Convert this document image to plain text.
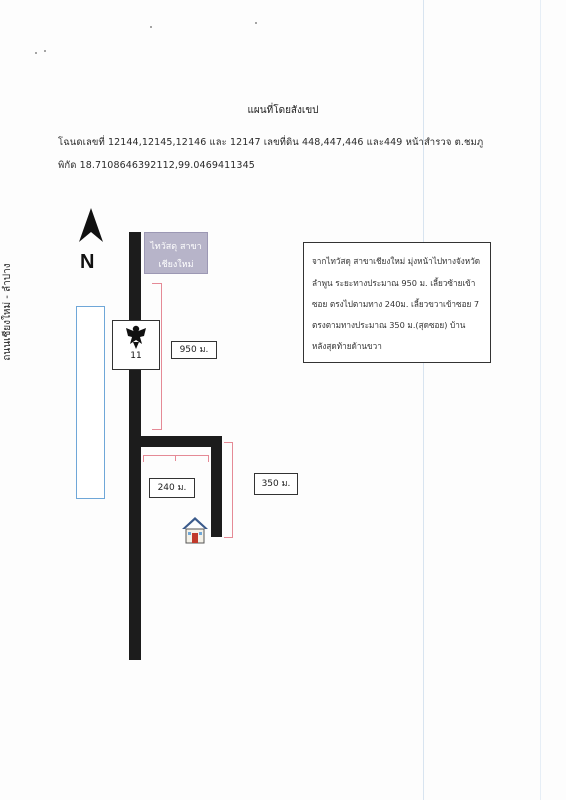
แผนที่โดยสังเขป
โฉนดเลขที่ 12144,12145,12146 และ 12147 เลขที่ดิน 448,447,446 และ449 หน้าสำรวจ ต.ชมภู
พิกัด 18.7108646392112,99.0469411345
N
ไทวัสดุ สาขา
เชียงใหม่
ถนนเชียงใหม่ - ลำปาง	11
950 ม.
240 ม.	350 ม.
จากไทวัสดุ สาขาเชียงใหม่ มุ่งหน้าไปทางจังหวัด
ลำพูน ระยะทางประมาณ 950 ม. เลี้ยวซ้ายเข้า
ซอย ตรงไปตามทาง 240ม. เลี้ยวขวาเข้าซอย 7
ตรงตามทางประมาณ 350 ม.(สุดซอย) บ้าน
หลังสุดท้ายด้านขวา
